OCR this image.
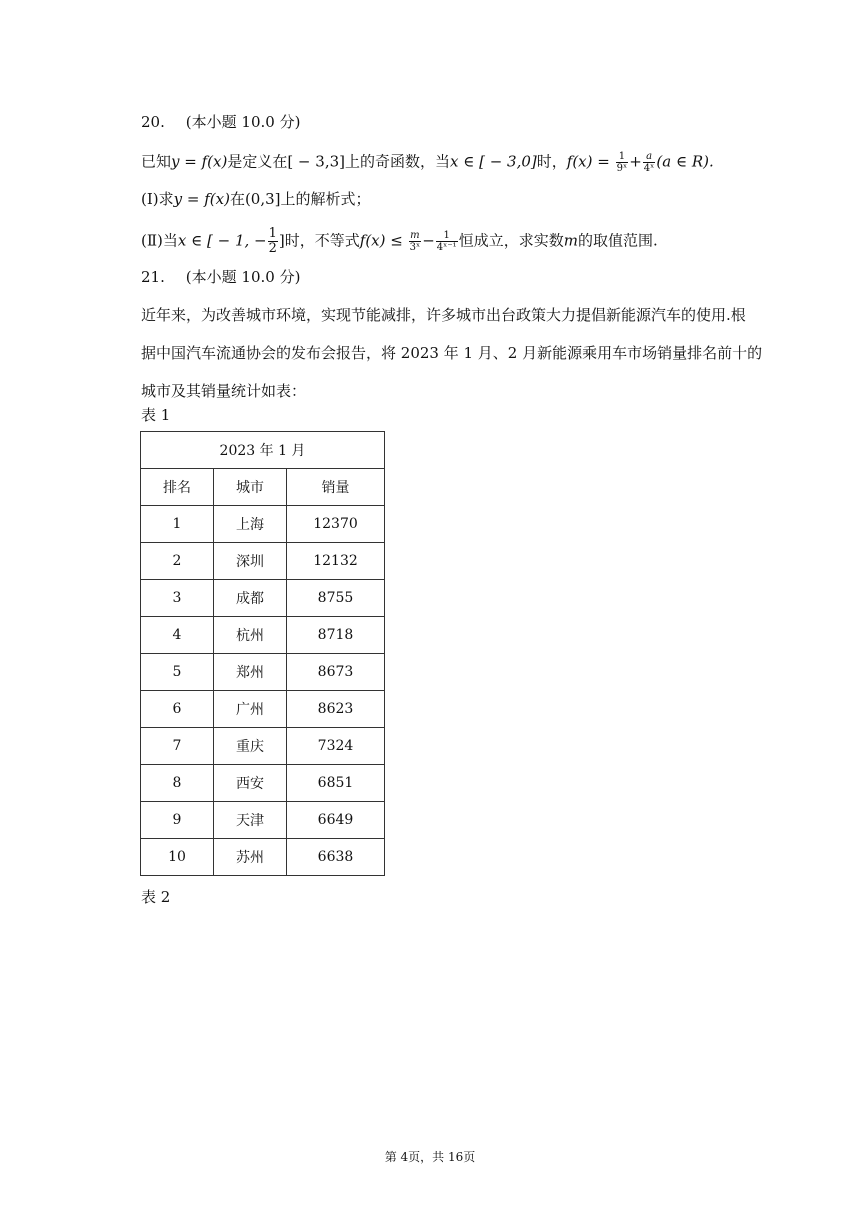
20. (本小题 10.0 分)
已知y = f(x)是定义在[ − 3,3]上的奇函数，当x ∈ [ − 3,0]时，$f(x) = \frac{1}{\text{9ˣ}} + \frac{a}{\text{4ˣ}} (a$ ∈ R).
(Ⅰ)求y = f(x)在(0,3]上的解析式；
(Ⅱ)当x ∈ [ − 1, − $\frac{1}{2}$ ]时，不等式$f(x) \le \frac{m}{\text{3ˣ}} - \frac{1}{\text{4ˣ⁻¹}}$ 恒成立，求实数m的取值范围.
21. (本小题 10.0 分)
近年来，为改善城市环境，实现节能减排，许多城市出台政策大力提倡新能源汽车的使用.根
据中国汽车流通协会的发布会报告，将 2023 年 1 月、2 月新能源乘用车市场销量排名前十的
城市及其销量统计如表：
表 1
2023 年 1 月		
排名	城市	销量
1	上海	12370
2	深圳	12132
3	成都	8755
4	杭州	8718
5	郑州	8673
6	广州	8623
7	重庆	7324
8	西安	6851
9	天津	6649
10	苏州	6638
表 2
第 4页，共 16页
